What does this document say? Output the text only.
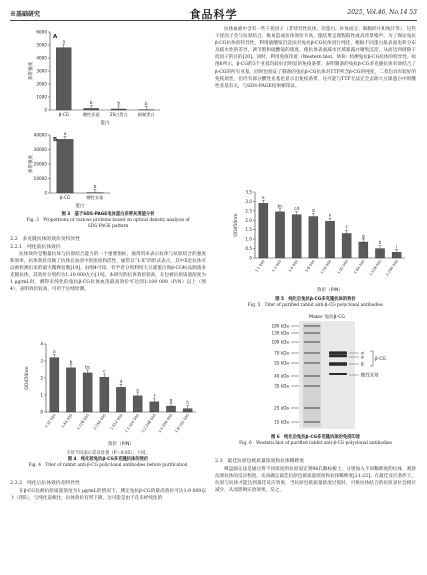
※基础研究	食品科学	2025, Vol.46, No.14 53
0
1000
2000
3000
4000
5000
6000
条带强度
a
β-CG
b
酸性亚基
b
2S白蛋白
b
抑制蛋白
蛋白
A

0
10000
20000
30000
40000
条带强度
a
β-CG
b
酸性亚基
蛋白
B
图 3　基于SDS-PAGE电泳蛋白条带灰度值分析
Fig. 3　Proportions of various proteins based on optical density analysis of
SDS-PAGE pattern
2.2　多克隆抗体的效价及特异性
2.2.1　纯化前抗体效价

抗体效价是衡量抗体与抗原结合能力的一个重要指标，通常用来表示抗体与抗原结合的强度和效率。抗体效价反映了抗体在血清中的浓度和活性，通常以“1:X”的形式表示，其中X是抗体可以被检测出来的最大稀释倍数[19]。由图4可知，有学者分别利用大豆球蛋白和β-CG标品制备多克隆抗体，其效价分别约为1:10 000左右[19]，本研究的抗体效价较高，在包被抗原质量浓度为1 μg/mL时，测得未纯化的兔抗β-CG抗体血清最高效价可达到1:100 000（P/N）以上（图4），表明效价较高，可用于后续检测。

0
1
2
3
4
OD450nm
a
1:32 000
b
1:64 000
bc
1:128 000
c
1:256 000
d
1:512 000
e
1:1 024 000
f
1:2 048 000
g
1:4 096 000
h
1:8 192 000
效价（P/N）
字母不同表示差异显著（P＜0.05），下同。
图 4　纯化前兔抗β-CG多克隆抗体的效价
Fig. 4　Titer of rabbit anti-β-CG polyclonal antibodies before purification
2.2.2　纯化后抗体效价及特异性

在β-CG包被抗原质量浓度为1 μg/mL的情况下，测定兔抗β-CG的最高效价可达1:9 000以上（图5），与纯化前相比，抗体效价有所下降，这可能是由于在未经纯化的

抗体血液中含有一些干扰因子（非特异性抗体、杂蛋白、补体成分、细胞碎片和残片等），这些干扰因子会与抗原结合，极易造成抗体效价升高，使结果呈现假阳性或高背景噪声。为了保证兔抗β-CG抗体的特异性，利用硫酸铵沉淀法对兔抗β-CG抗体进行纯化，根据不同蛋白质表面电荷分布及疏水性的差异，调节饱和硫酸铵的浓度，使抗体表面减水区域暴露并聚集沉淀，从而达到排除干扰因子的目的[20]。同时，利用免疫印迹（Western blot，WB）检测兔抗β-CG抗体的特异性。如图6所示，β-CG的3个亚基均较好出明显的免疫条带，表明制备的兔抗β-CG多克隆抗体有效结合了β-CG的所有亚基，同时也验证了制备的兔抗β-CG抗体对TTF所含β-CG的纯度，二者均具有较好的免疫原性，但仍有部分酸性亚基也显示出免疫条带，这可能与TTF无法完全去除大豆球蛋白中的酸性亚基有关，与SDS-PAGE结果相印证。

0
0.5
1.0
1.5
2.0
2.5
3.0
3.5
OD450nm
a
1:1 000
bc
1:2 000
cd
1:4 000
d
1:8 000
e
1:16 000
f
1:32 000
g
1:64 000
h
1:128 000
i
1:256 000
效价（P/N）
图 5　纯化后兔抗β-CG多克隆抗体的效价
Fig. 5　Titer of purified rabbit anti-β-CG polyclonal antibodies
Maker 兔抗β-CG
180 kDa
130 kDa
100 kDa
70 kDa
55 kDa
40 kDa
35 kDa
25 kDa
15 kDa
α′
α
β
酸性亚基
β-CG
图 6　纯化后兔抗β-CG多克隆抗体的免疫印迹
Fig. 6　Western blot of purified rabbit anti-β-CG polyclonal antibodies
2.3　最佳抗原包被质量浓度和抗体稀释度

棋盘滴定法是通过将不同浓度的抗原固定到96孔酶标板上，分别加入不同稀释度的抗体，观察抗原抗体的反应程度，从而确定最佳抗原包被质量浓度和抗体稀释度[21-22]。在最佳反应条件下，抗原与抗体才能达到最佳反应效果，当抗原包被质量浓度过低时，可供抗体结合的抗原表位会相应减少，从而影响实验效果，反之，
